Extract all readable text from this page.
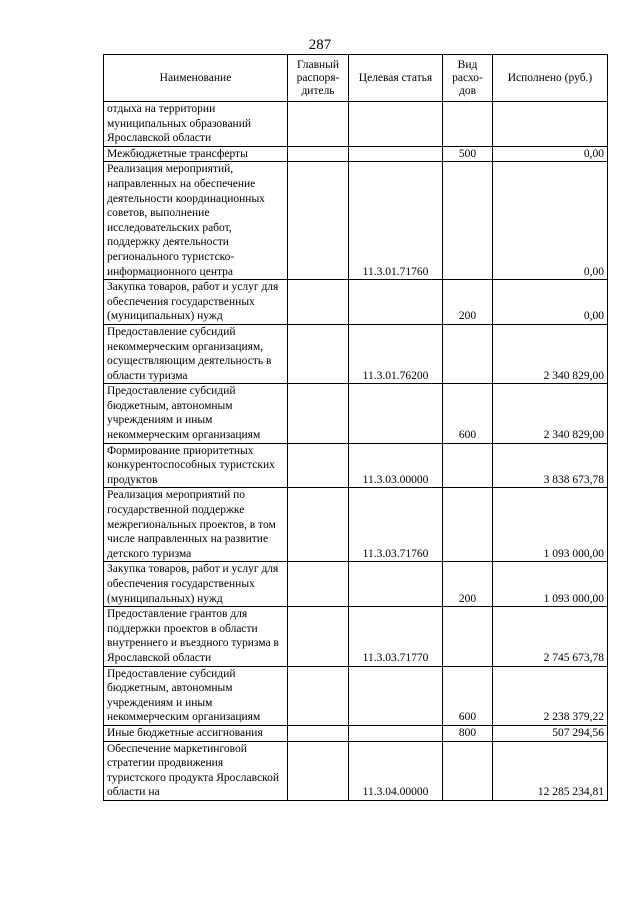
287
Наименование	Главный распоря-дитель	Целевая статья	Вид расхо-дов	Исполнено (руб.)
отдыха на территории муниципальных образований Ярославской области				
Межбюджетные трансферты			500	0,00
Реализация мероприятий, направленных на обеспечение деятельности координационных советов, выполнение исследовательских работ, поддержку деятельности регионального туристско-информационного центра		11.3.01.71760		0,00
Закупка товаров, работ и услуг для обеспечения государственных (муниципальных) нужд			200	0,00
Предоставление субсидий некоммерческим организациям, осуществляющим деятельность в области туризма		11.3.01.76200		2 340 829,00
Предоставление субсидий бюджетным, автономным учреждениям и иным некоммерческим организациям			600	2 340 829,00
Формирование приоритетных конкурентоспособных туристских продуктов		11.3.03.00000		3 838 673,78
Реализация мероприятий по государственной поддержке межрегиональных проектов, в том числе направленных на развитие детского туризма		11.3.03.71760		1 093 000,00
Закупка товаров, работ и услуг для обеспечения государственных (муниципальных) нужд			200	1 093 000,00
Предоставление грантов для поддержки проектов в области внутреннего и въездного туризма в Ярославской области		11.3.03.71770		2 745 673,78
Предоставление субсидий бюджетным, автономным учреждениям и иным некоммерческим организациям			600	2 238 379,22
Иные бюджетные ассигнования			800	507 294,56
Обеспечение маркетинговой стратегии продвижения туристского продукта Ярославской области на		11.3.04.00000		12 285 234,81
